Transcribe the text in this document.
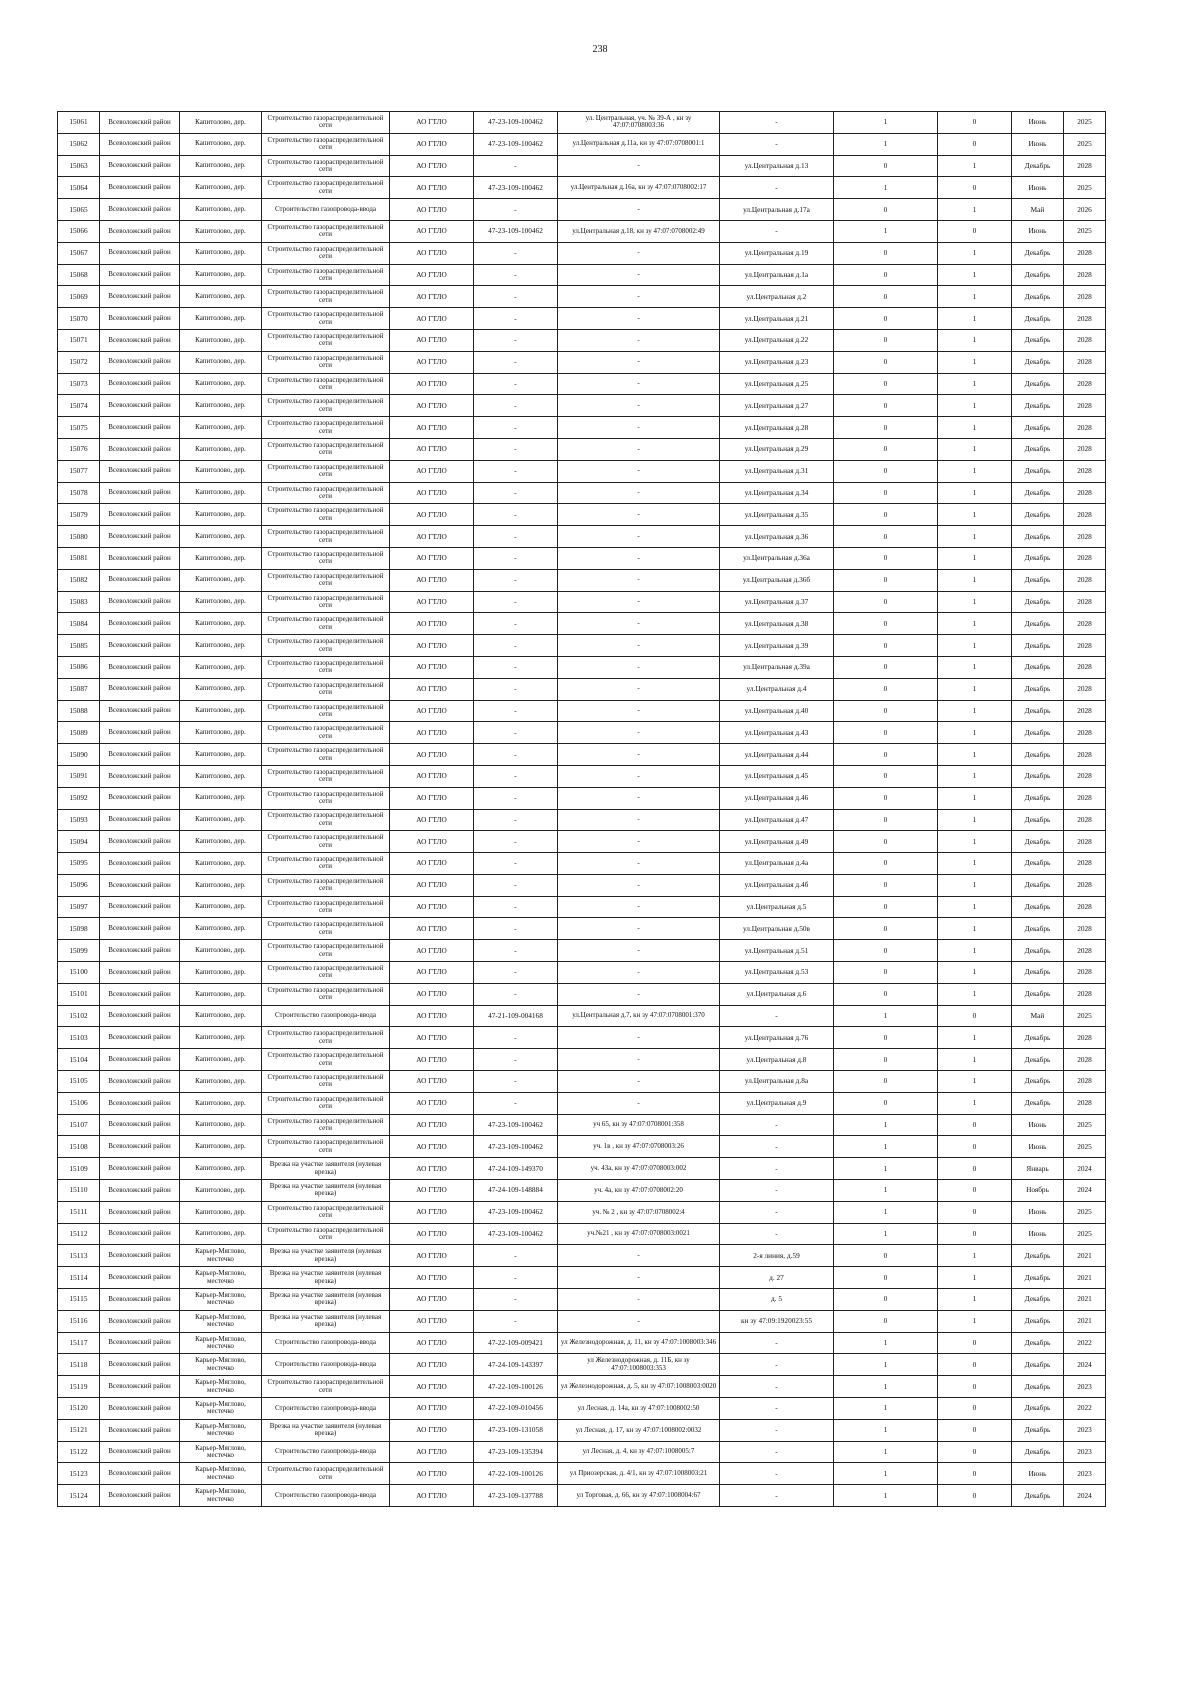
238
15061	Всеволожский район	Капитолово, дер.	Строительство газораспределительной сети	АО ГТЛО	47-23-109-100462	ул. Центральная, уч. № 39-А , кн зу 47:07:0708003:36	-	1	0	Июнь	2025
15062	Всеволожский район	Капитолово, дер.	Строительство газораспределительной сети	АО ГТЛО	47-23-109-100462	ул.Центральная д.11а, кн зу 47:07:0708001:1	-	1	0	Июнь	2025
15063	Всеволожский район	Капитолово, дер.	Строительство газораспределительной сети	АО ГТЛО	-	-	ул.Центральная д.13	0	1	Декабрь	2028
15064	Всеволожский район	Капитолово, дер.	Строительство газораспределительной сети	АО ГТЛО	47-23-109-100462	ул.Центральная д.16а, кн зу 47:07:0708002:17	-	1	0	Июнь	2025
15065	Всеволожский район	Капитолово, дер.	Строительство газопровода-ввода	АО ГТЛО	-	-	ул.Центральная д.17а	0	1	Май	2026
15066	Всеволожский район	Капитолово, дер.	Строительство газораспределительной сети	АО ГТЛО	47-23-109-100462	ул.Центральная д.18, кн зу 47:07:0708002:49	-	1	0	Июнь	2025
15067	Всеволожский район	Капитолово, дер.	Строительство газораспределительной сети	АО ГТЛО	-	-	ул.Центральная д.19	0	1	Декабрь	2028
15068	Всеволожский район	Капитолово, дер.	Строительство газораспределительной сети	АО ГТЛО	-	-	ул.Центральная д.1а	0	1	Декабрь	2028
15069	Всеволожский район	Капитолово, дер.	Строительство газораспределительной сети	АО ГТЛО	-	-	ул.Центральная д.2	0	1	Декабрь	2028
15070	Всеволожский район	Капитолово, дер.	Строительство газораспределительной сети	АО ГТЛО	-	-	ул.Центральная д.21	0	1	Декабрь	2028
15071	Всеволожский район	Капитолово, дер.	Строительство газораспределительной сети	АО ГТЛО	-	-	ул.Центральная д.22	0	1	Декабрь	2028
15072	Всеволожский район	Капитолово, дер.	Строительство газораспределительной сети	АО ГТЛО	-	-	ул.Центральная д.23	0	1	Декабрь	2028
15073	Всеволожский район	Капитолово, дер.	Строительство газораспределительной сети	АО ГТЛО	-	-	ул.Центральная д.25	0	1	Декабрь	2028
15074	Всеволожский район	Капитолово, дер.	Строительство газораспределительной сети	АО ГТЛО	-	-	ул.Центральная д.27	0	1	Декабрь	2028
15075	Всеволожский район	Капитолово, дер.	Строительство газораспределительной сети	АО ГТЛО	-	-	ул.Центральная д.28	0	1	Декабрь	2028
15076	Всеволожский район	Капитолово, дер.	Строительство газораспределительной сети	АО ГТЛО	-	-	ул.Центральная д.29	0	1	Декабрь	2028
15077	Всеволожский район	Капитолово, дер.	Строительство газораспределительной сети	АО ГТЛО	-	-	ул.Центральная д.31	0	1	Декабрь	2028
15078	Всеволожский район	Капитолово, дер.	Строительство газораспределительной сети	АО ГТЛО	-	-	ул.Центральная д.34	0	1	Декабрь	2028
15079	Всеволожский район	Капитолово, дер.	Строительство газораспределительной сети	АО ГТЛО	-	-	ул.Центральная д.35	0	1	Декабрь	2028
15080	Всеволожский район	Капитолово, дер.	Строительство газораспределительной сети	АО ГТЛО	-	-	ул.Центральная д.36	0	1	Декабрь	2028
15081	Всеволожский район	Капитолово, дер.	Строительство газораспределительной сети	АО ГТЛО	-	-	ул.Центральная д.36а	0	1	Декабрь	2028
15082	Всеволожский район	Капитолово, дер.	Строительство газораспределительной сети	АО ГТЛО	-	-	ул.Центральная д.36б	0	1	Декабрь	2028
15083	Всеволожский район	Капитолово, дер.	Строительство газораспределительной сети	АО ГТЛО	-	-	ул.Центральная д.37	0	1	Декабрь	2028
15084	Всеволожский район	Капитолово, дер.	Строительство газораспределительной сети	АО ГТЛО	-	-	ул.Центральная д.38	0	1	Декабрь	2028
15085	Всеволожский район	Капитолово, дер.	Строительство газораспределительной сети	АО ГТЛО	-	-	ул.Центральная д.39	0	1	Декабрь	2028
15086	Всеволожский район	Капитолово, дер.	Строительство газораспределительной сети	АО ГТЛО	-	-	ул.Центральная д.39а	0	1	Декабрь	2028
15087	Всеволожский район	Капитолово, дер.	Строительство газораспределительной сети	АО ГТЛО	-	-	ул.Центральная д.4	0	1	Декабрь	2028
15088	Всеволожский район	Капитолово, дер.	Строительство газораспределительной сети	АО ГТЛО	-	-	ул.Центральная д.40	0	1	Декабрь	2028
15089	Всеволожский район	Капитолово, дер.	Строительство газораспределительной сети	АО ГТЛО	-	-	ул.Центральная д.43	0	1	Декабрь	2028
15090	Всеволожский район	Капитолово, дер.	Строительство газораспределительной сети	АО ГТЛО	-	-	ул.Центральная д.44	0	1	Декабрь	2028
15091	Всеволожский район	Капитолово, дер.	Строительство газораспределительной сети	АО ГТЛО	-	-	ул.Центральная д.45	0	1	Декабрь	2028
15092	Всеволожский район	Капитолово, дер.	Строительство газораспределительной сети	АО ГТЛО	-	-	ул.Центральная д.46	0	1	Декабрь	2028
15093	Всеволожский район	Капитолово, дер.	Строительство газораспределительной сети	АО ГТЛО	-	-	ул.Центральная д.47	0	1	Декабрь	2028
15094	Всеволожский район	Капитолово, дер.	Строительство газораспределительной сети	АО ГТЛО	-	-	ул.Центральная д.49	0	1	Декабрь	2028
15095	Всеволожский район	Капитолово, дер.	Строительство газораспределительной сети	АО ГТЛО	-	-	ул.Центральная д.4а	0	1	Декабрь	2028
15096	Всеволожский район	Капитолово, дер.	Строительство газораспределительной сети	АО ГТЛО	-	-	ул.Центральная д.4б	0	1	Декабрь	2028
15097	Всеволожский район	Капитолово, дер.	Строительство газораспределительной сети	АО ГТЛО	-	-	ул.Центральная д.5	0	1	Декабрь	2028
15098	Всеволожский район	Капитолово, дер.	Строительство газораспределительной сети	АО ГТЛО	-	-	ул.Центральная д.50в	0	1	Декабрь	2028
15099	Всеволожский район	Капитолово, дер.	Строительство газораспределительной сети	АО ГТЛО	-	-	ул.Центральная д.51	0	1	Декабрь	2028
15100	Всеволожский район	Капитолово, дер.	Строительство газораспределительной сети	АО ГТЛО	-	-	ул.Центральная д.53	0	1	Декабрь	2028
15101	Всеволожский район	Капитолово, дер.	Строительство газораспределительной сети	АО ГТЛО	-	-	ул.Центральная д.6	0	1	Декабрь	2028
15102	Всеволожский район	Капитолово, дер.	Строительство газопровода-ввода	АО ГТЛО	47-21-109-004168	ул.Центральная д.7, кн зу 47:07:0708001:370	-	1	0	Май	2025
15103	Всеволожский район	Капитолово, дер.	Строительство газораспределительной сети	АО ГТЛО	-	-	ул.Центральная д.76	0	1	Декабрь	2028
15104	Всеволожский район	Капитолово, дер.	Строительство газораспределительной сети	АО ГТЛО	-	-	ул.Центральная д.8	0	1	Декабрь	2028
15105	Всеволожский район	Капитолово, дер.	Строительство газораспределительной сети	АО ГТЛО	-	-	ул.Центральная д.8а	0	1	Декабрь	2028
15106	Всеволожский район	Капитолово, дер.	Строительство газораспределительной сети	АО ГТЛО	-	-	ул.Центральная д.9	0	1	Декабрь	2028
15107	Всеволожский район	Капитолово, дер.	Строительство газораспределительной сети	АО ГТЛО	47-23-109-100462	уч 65, кн зу 47:07:0708001:358	-	1	0	Июнь	2025
15108	Всеволожский район	Капитолово, дер.	Строительство газораспределительной сети	АО ГТЛО	47-23-109-100462	уч. 1в , кн зу 47:07:0708003:26	-	1	0	Июнь	2025
15109	Всеволожский район	Капитолово, дер.	Врезка на участке заявителя (нулевая врезка)	АО ГТЛО	47-24-109-149370	уч. 43а, кн зу 47:07:0708003:002	-	1	0	Январь	2024
15110	Всеволожский район	Капитолово, дер.	Врезка на участке заявителя (нулевая врезка)	АО ГТЛО	47-24-109-148884	уч. 4а, кн зу 47:07:0708002:20	-	1	0	Ноябрь	2024
15111	Всеволожский район	Капитолово, дер.	Строительство газораспределительной сети	АО ГТЛО	47-23-109-100462	уч. № 2 , кн зу 47:07:0708002:4	-	1	0	Июнь	2025
15112	Всеволожский район	Капитолово, дер.	Строительство газораспределительной сети	АО ГТЛО	47-23-109-100462	уч.№21 , кн зу 47:07:0708003:0021	-	1	0	Июнь	2025
15113	Всеволожский район	Карьер-Мяглово, местечко	Врезка на участке заявителя (нулевая врезка)	АО ГТЛО	-	-	2-я линия, д.59	0	1	Декабрь	2021
15114	Всеволожский район	Карьер-Мяглово, местечко	Врезка на участке заявителя (нулевая врезка)	АО ГТЛО	-	-	д. 27	0	1	Декабрь	2021
15115	Всеволожский район	Карьер-Мяглово, местечко	Врезка на участке заявителя (нулевая врезка)	АО ГТЛО	-	-	д. 5	0	1	Декабрь	2021
15116	Всеволожский район	Карьер-Мяглово, местечко	Врезка на участке заявителя (нулевая врезка)	АО ГТЛО	-	-	кн зу 47:09:1920023:55	0	1	Декабрь	2021
15117	Всеволожский район	Карьер-Мяглово, местечко	Строительство газопровода-ввода	АО ГТЛО	47-22-109-009421	ул Железнодорожная, д. 11, кн зу 47:07:1008003:346	-	1	0	Декабрь	2022
15118	Всеволожский район	Карьер-Мяглово, местечко	Строительство газопровода-ввода	АО ГТЛО	47-24-109-143397	ул Железнодорожная, д. 11Б, кн зу 47:07:1008003:353	-	1	0	Декабрь	2024
15119	Всеволожский район	Карьер-Мяглово, местечко	Строительство газораспределительной сети	АО ГТЛО	47-22-109-100126	ул Железнодорожная, д. 5, кн зу 47:07:1008003:0020	-	1	0	Декабрь	2023
15120	Всеволожский район	Карьер-Мяглово, местечко	Строительство газопровода-ввода	АО ГТЛО	47-22-109-010456	ул Лесная, д. 14а, кн зу 47:07:1008002:50	-	1	0	Декабрь	2022
15121	Всеволожский район	Карьер-Мяглово, местечко	Врезка на участке заявителя (нулевая врезка)	АО ГТЛО	47-23-109-131058	ул Лесная, д. 17, кн зу 47:07:1008002:0032	-	1	0	Декабрь	2023
15122	Всеволожский район	Карьер-Мяглово, местечко	Строительство газопровода-ввода	АО ГТЛО	47-23-109-135394	ул Лесная, д. 4, кн зу 47:07:1008005:7	-	1	0	Декабрь	2023
15123	Всеволожский район	Карьер-Мяглово, местечко	Строительство газораспределительной сети	АО ГТЛО	47-22-109-100126	ул Приозерская, д. 4/1, кн зу 47:07:1008003:21	-	1	0	Июнь	2023
15124	Всеволожский район	Карьер-Мяглово, местечко	Строительство газопровода-ввода	АО ГТЛО	47-23-109-137788	ул Торговая, д. 66, кн зу 47:07:1008004:67	-	1	0	Декабрь	2024
